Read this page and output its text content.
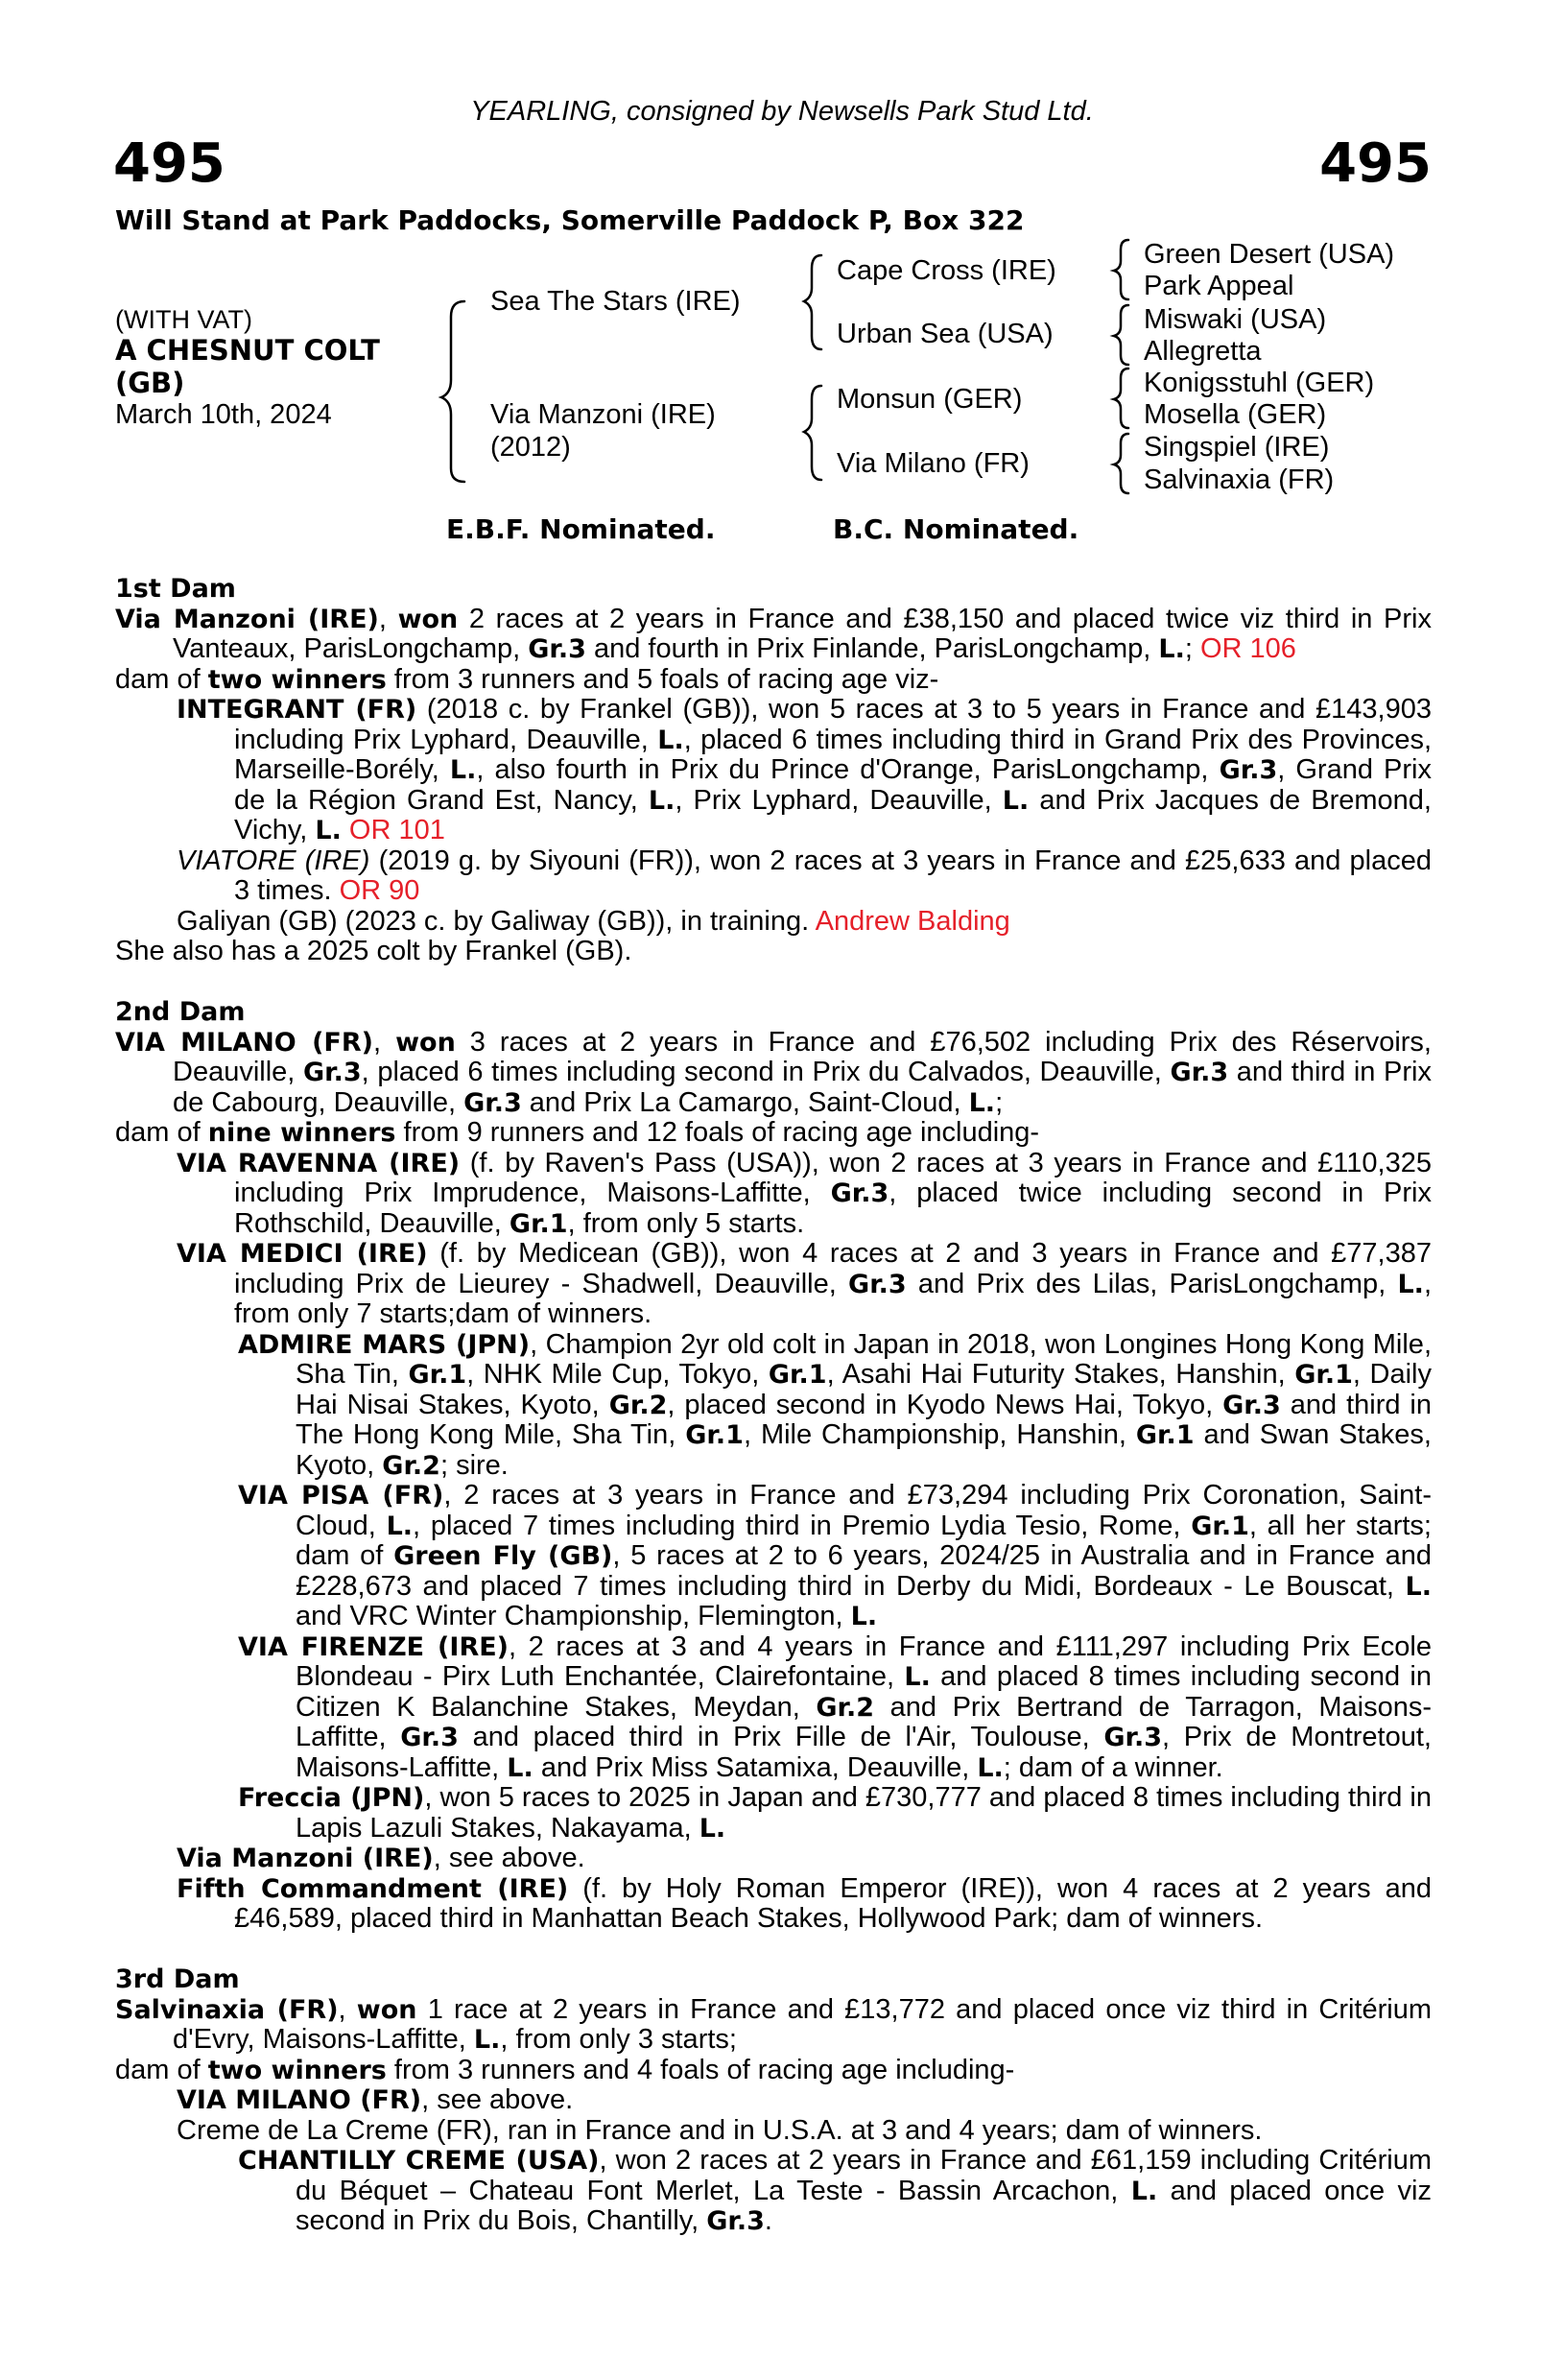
YEARLING, consigned by Newsells Park Stud Ltd.
495	495
Will Stand at Park Paddocks, Somerville Paddock P, Box 322
(WITH VAT)
A CHESNUT COLT
(GB)
March 10th, 2024
Sea The Stars (IRE)
Via Manzoni (IRE)
(2012)
Cape Cross (IRE)
Urban Sea (USA)
Monsun (GER)
Via Milano (FR)
Green Desert (USA)
Park Appeal
Miswaki (USA)
Allegretta
Konigsstuhl (GER)
Mosella (GER)
Singspiel (IRE)
Salvinaxia (FR)
E.B.F. Nominated.	B.C. Nominated.

1st Dam

Via Manzoni (IRE), won 2 races at 2 years in France and £38,150 and placed twice viz third in Prix Vanteaux, ParisLongchamp, Gr.3 and fourth in Prix Finlande, ParisLongchamp, L.; OR 106

dam of two winners from 3 runners and 5 foals of racing age viz-

INTEGRANT (FR) (2018 c. by Frankel (GB)), won 5 races at 3 to 5 years in France and £143,903 including Prix Lyphard, Deauville, L., placed 6 times including third in Grand Prix des Provinces, Marseille-Borély, L., also fourth in Prix du Prince d'Orange, ParisLongchamp, Gr.3, Grand Prix de la Région Grand Est, Nancy, L., Prix Lyphard, Deauville, L. and Prix Jacques de Bremond, Vichy, L. OR 101

VIATORE (IRE) (2019 g. by Siyouni (FR)), won 2 races at 3 years in France and £25,633 and placed 3 times. OR 90

Galiyan (GB) (2023 c. by Galiway (GB)), in training. Andrew Balding

She also has a 2025 colt by Frankel (GB).

2nd Dam

VIA MILANO (FR), won 3 races at 2 years in France and £76,502 including Prix des Réservoirs, Deauville, Gr.3, placed 6 times including second in Prix du Calvados, Deauville, Gr.3 and third in Prix de Cabourg, Deauville, Gr.3 and Prix La Camargo, Saint-Cloud, L.;

dam of nine winners from 9 runners and 12 foals of racing age including-

VIA RAVENNA (IRE) (f. by Raven's Pass (USA)), won 2 races at 3 years in France and £110,325 including Prix Imprudence, Maisons-Laffitte, Gr.3, placed twice including second in Prix Rothschild, Deauville, Gr.1, from only 5 starts.

VIA MEDICI (IRE) (f. by Medicean (GB)), won 4 races at 2 and 3 years in France and £77,387 including Prix de Lieurey - Shadwell, Deauville, Gr.3 and Prix des Lilas, ParisLongchamp, L., from only 7 starts;dam of winners.

ADMIRE MARS (JPN), Champion 2yr old colt in Japan in 2018, won Longines Hong Kong Mile, Sha Tin, Gr.1, NHK Mile Cup, Tokyo, Gr.1, Asahi Hai Futurity Stakes, Hanshin, Gr.1, Daily Hai Nisai Stakes, Kyoto, Gr.2, placed second in Kyodo News Hai, Tokyo, Gr.3 and third in The Hong Kong Mile, Sha Tin, Gr.1, Mile Championship, Hanshin, Gr.1 and Swan Stakes, Kyoto, Gr.2; sire.

VIA PISA (FR), 2 races at 3 years in France and £73,294 including Prix Coronation, Saint-Cloud, L., placed 7 times including third in Premio Lydia Tesio, Rome, Gr.1, all her starts; dam of Green Fly (GB), 5 races at 2 to 6 years, 2024/25 in Australia and in France and £228,673 and placed 7 times including third in Derby du Midi, Bordeaux - Le Bouscat, L. and VRC Winter Championship, Flemington, L.

VIA FIRENZE (IRE), 2 races at 3 and 4 years in France and £111,297 including Prix Ecole Blondeau - Pirx Luth Enchantée, Clairefontaine, L. and placed 8 times including second in Citizen K Balanchine Stakes, Meydan, Gr.2 and Prix Bertrand de Tarragon, Maisons-Laffitte, Gr.3 and placed third in Prix Fille de l'Air, Toulouse, Gr.3, Prix de Montretout, Maisons-Laffitte, L. and Prix Miss Satamixa, Deauville, L.; dam of a winner.

Freccia (JPN), won 5 races to 2025 in Japan and £730,777 and placed 8 times including third in Lapis Lazuli Stakes, Nakayama, L.

Via Manzoni (IRE), see above.

Fifth Commandment (IRE) (f. by Holy Roman Emperor (IRE)), won 4 races at 2 years and £46,589, placed third in Manhattan Beach Stakes, Hollywood Park; dam of winners.

3rd Dam

Salvinaxia (FR), won 1 race at 2 years in France and £13,772 and placed once viz third in Critérium d'Evry, Maisons-Laffitte, L., from only 3 starts;

dam of two winners from 3 runners and 4 foals of racing age including-

VIA MILANO (FR), see above.

Creme de La Creme (FR), ran in France and in U.S.A. at 3 and 4 years; dam of winners.

CHANTILLY CREME (USA), won 2 races at 2 years in France and £61,159 including Critérium du Béquet – Chateau Font Merlet, La Teste - Bassin Arcachon, L. and placed once viz second in Prix du Bois, Chantilly, Gr.3.
